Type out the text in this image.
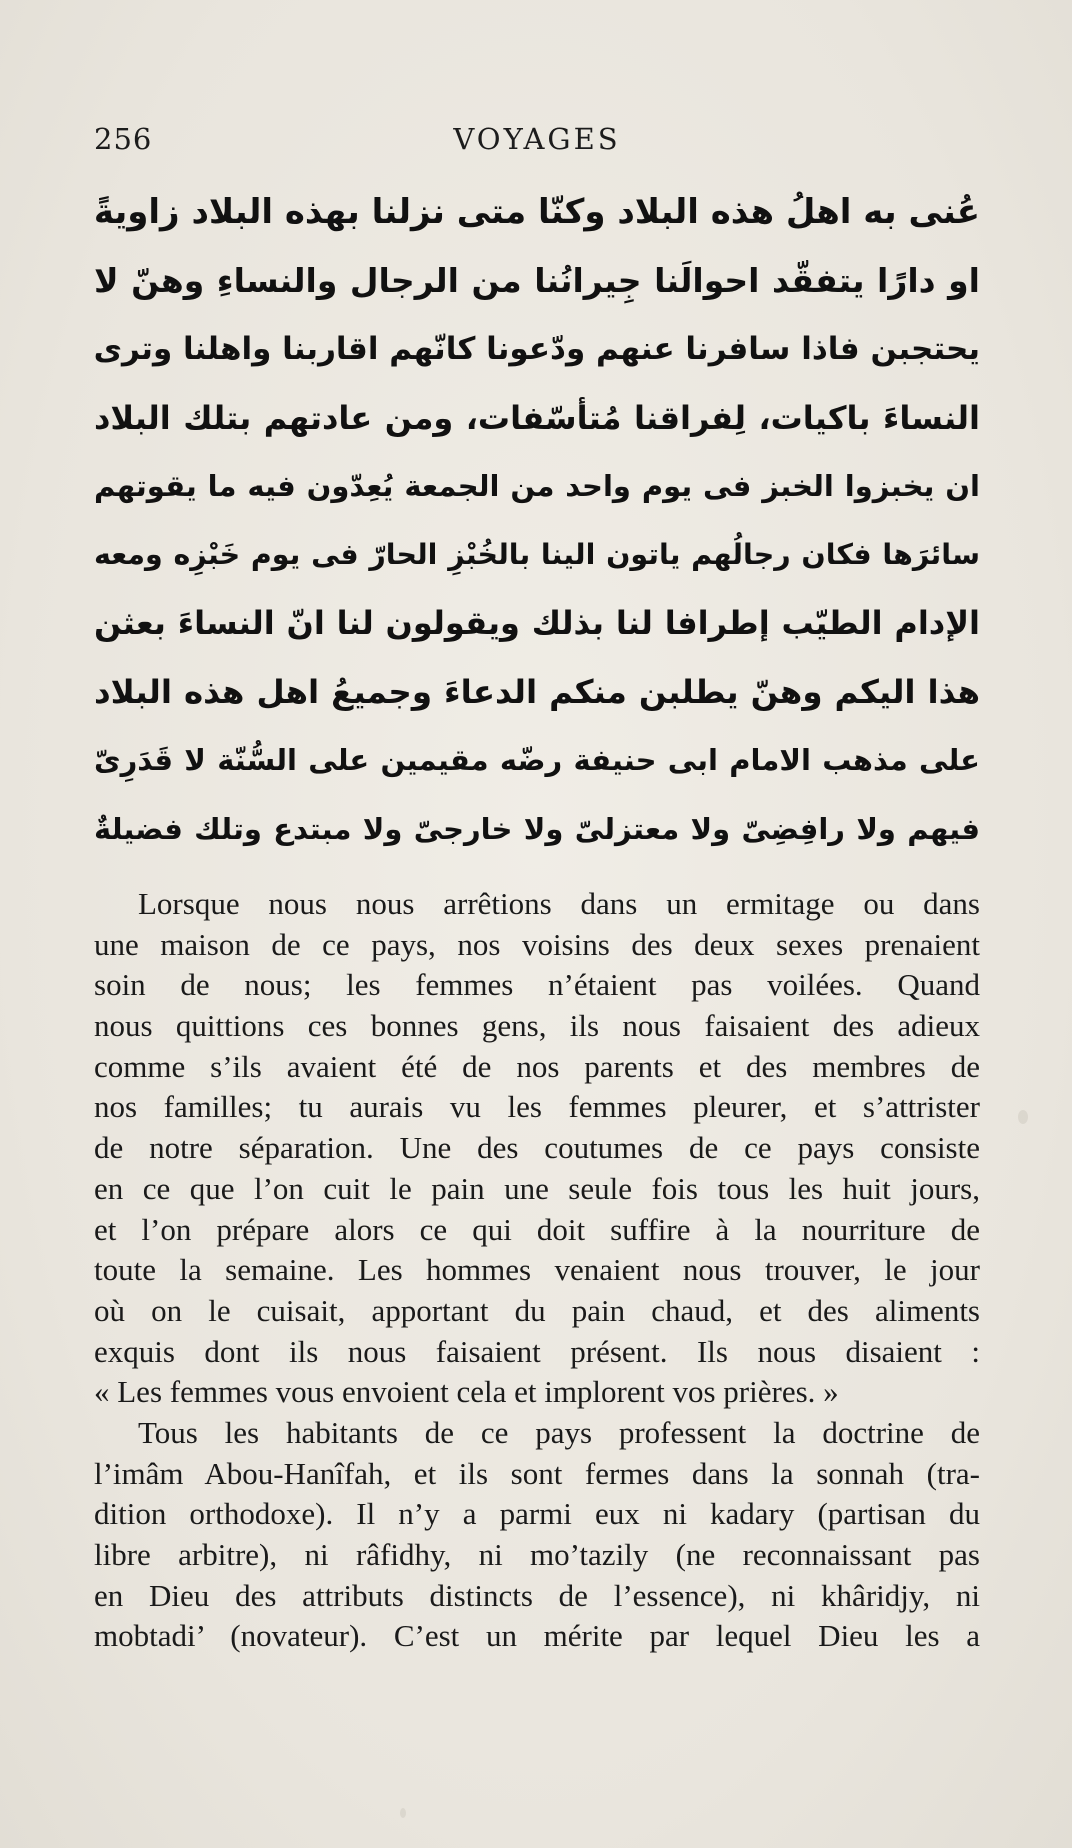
256	VOYAGES
عُنى به اهلُ هذه البلاد وكنّا متى نزلنا بهذه البلاد زاويةً
او دارًا يتفقّد احوالَنا جِيرانُنا من الرجال والنساءِ وهنّ لا
يحتجبن فاذا سافرنا عنهم ودّعونا كانّهم اقاربنا واهلنا وترى
النساءَ باكيات، لِفراقنا مُتأسّفات، ومن عادتهم بتلك البلاد
ان يخبزوا الخبز فى يوم واحد من الجمعة يُعِدّون فيه ما يقوتهم
سائرَها فكان رجالُهم ياتون الينا بالخُبْزِ الحارّ فى يوم خَبْزِه ومعه
الإدام الطيّب إطرافا لنا بذلك ويقولون لنا انّ النساءَ بعثن
هذا اليكم وهنّ يطلبن منكم الدعاءَ وجميعُ اهل هذه البلاد
على مذهب الامام ابى حنيفة رضّه مقيمين على السُّنّة لا قَدَرِىّ
فيهم ولا رافِضِىّ ولا معتزلىّ ولا خارجىّ ولا مبتدع وتلك فضيلةٌ
Lorsque nous nous arrêtions dans un ermitage ou dans
une maison de ce pays, nos voisins des deux sexes prenaient
soin de nous; les femmes n’étaient pas voilées. Quand
nous quittions ces bonnes gens, ils nous faisaient des adieux
comme s’ils avaient été de nos parents et des membres de
nos familles; tu aurais vu les femmes pleurer, et s’attrister
de notre séparation. Une des coutumes de ce pays consiste
en ce que l’on cuit le pain une seule fois tous les huit jours,
et l’on prépare alors ce qui doit suffire à la nourriture de
toute la semaine. Les hommes venaient nous trouver, le jour
où on le cuisait, apportant du pain chaud, et des aliments
exquis dont ils nous faisaient présent. Ils nous disaient :
« Les femmes vous envoient cela et implorent vos prières. »
Tous les habitants de ce pays professent la doctrine de
l’imâm Abou-Hanîfah, et ils sont fermes dans la sonnah (tra-
dition orthodoxe). Il n’y a parmi eux ni kadary (partisan du
libre arbitre), ni râfidhy, ni mo’tazily (ne reconnaissant pas
en Dieu des attributs distincts de l’essence), ni khâridjy, ni
mobtadi’ (novateur). C’est un mérite par lequel Dieu les a
